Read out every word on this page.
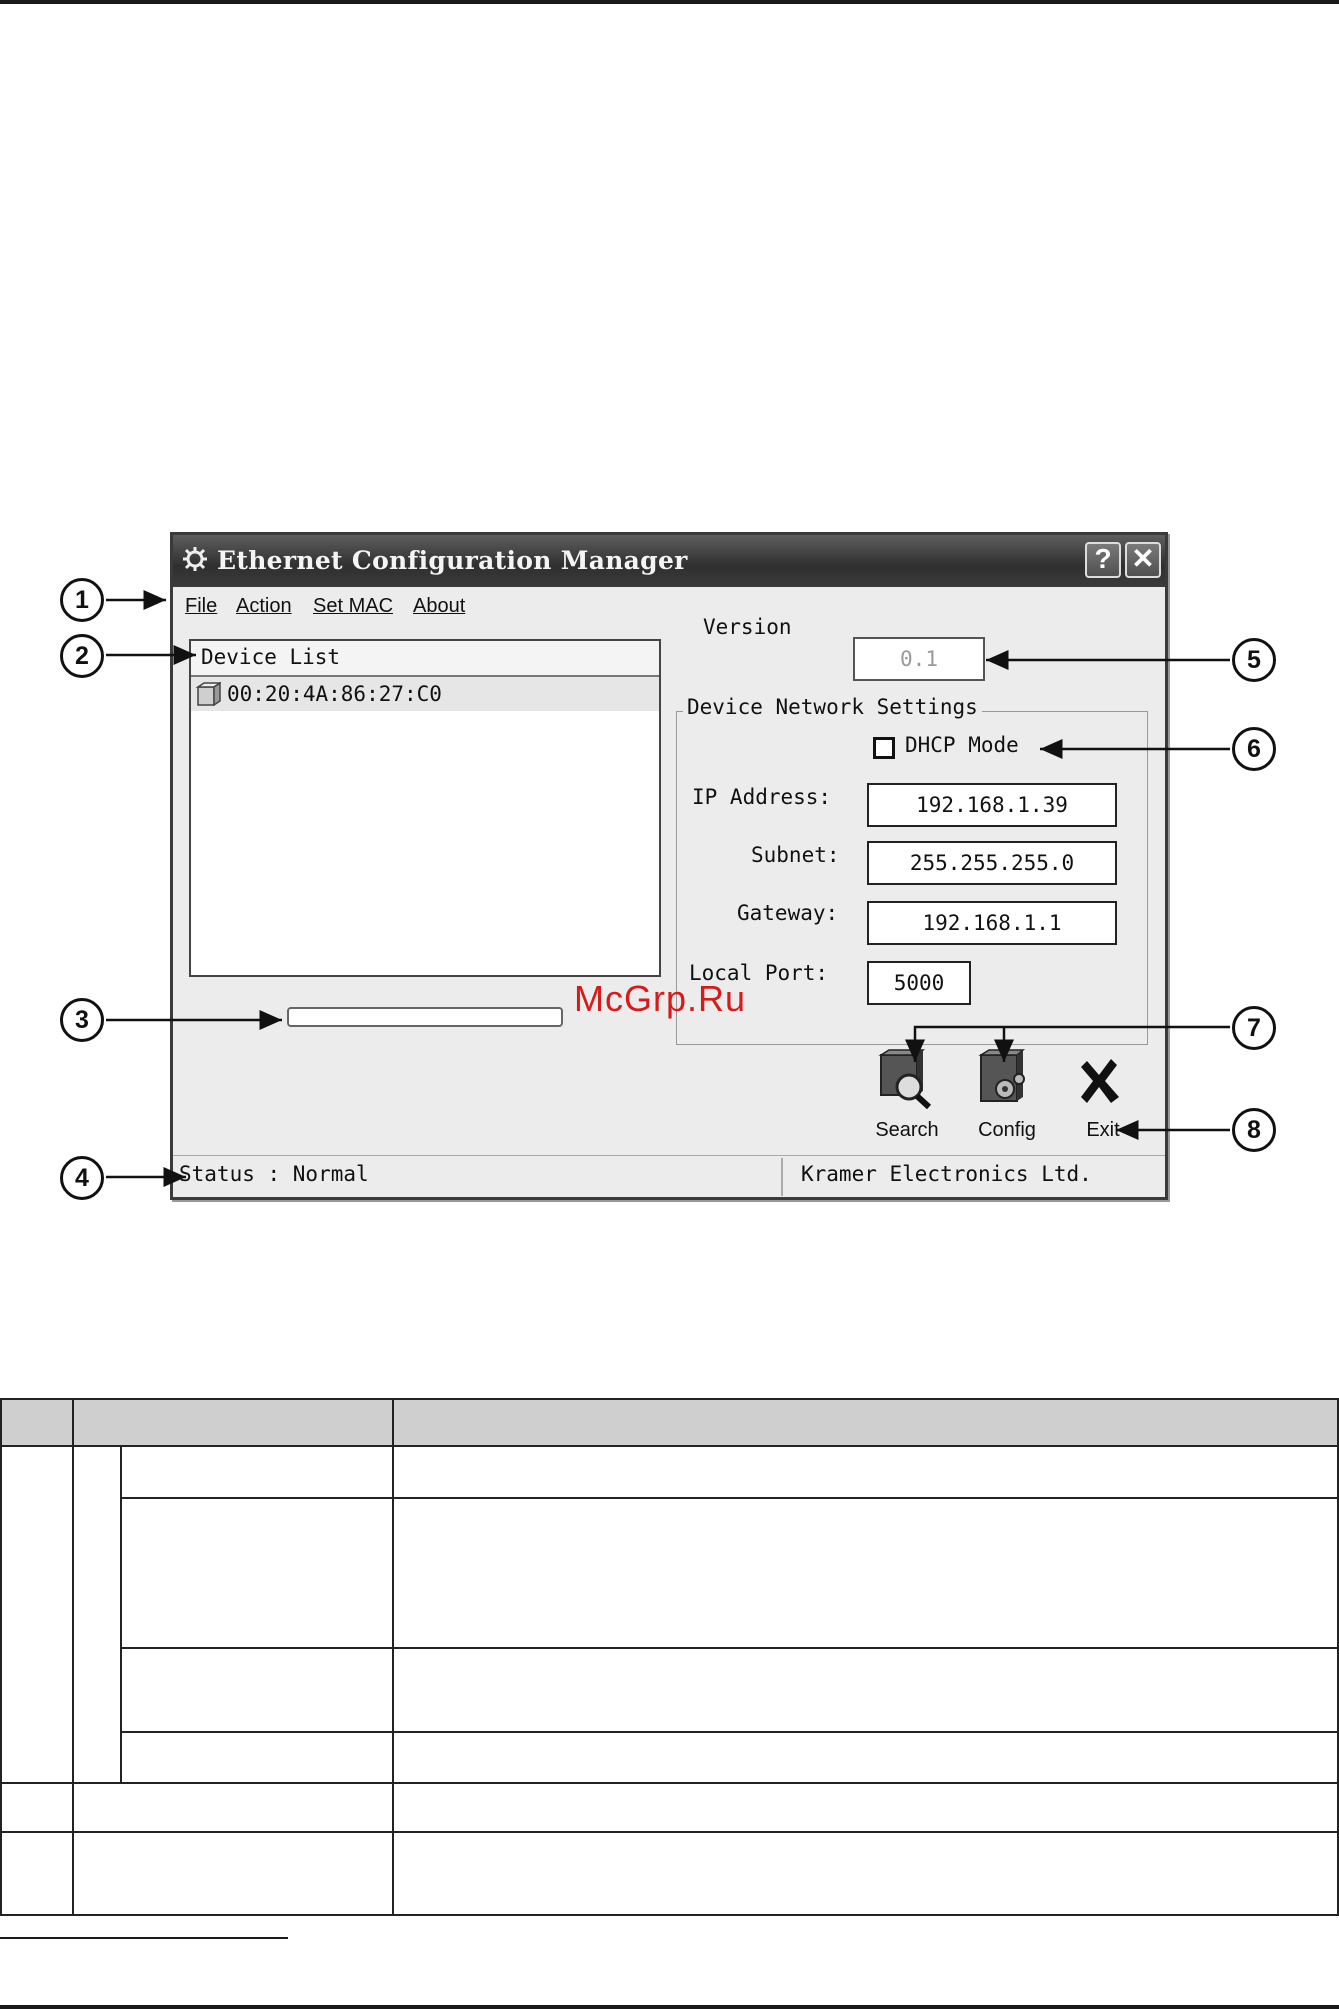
Ethernet Configuration Manager	? ✕
File Action Set MAC About
Device List
00:20:4A:86:27:C0
Version
0.1
Device Network Settings
DHCP Mode
IP Address:	192.168.1.39
Subnet:	255.255.255.0
Gateway:	192.168.1.1
Local Port:	5000
Search	Config	Exit
Status : Normal	Kramer Electronics Ltd.
McGrp.Ru
1
2
3
4
5
6
7
8
